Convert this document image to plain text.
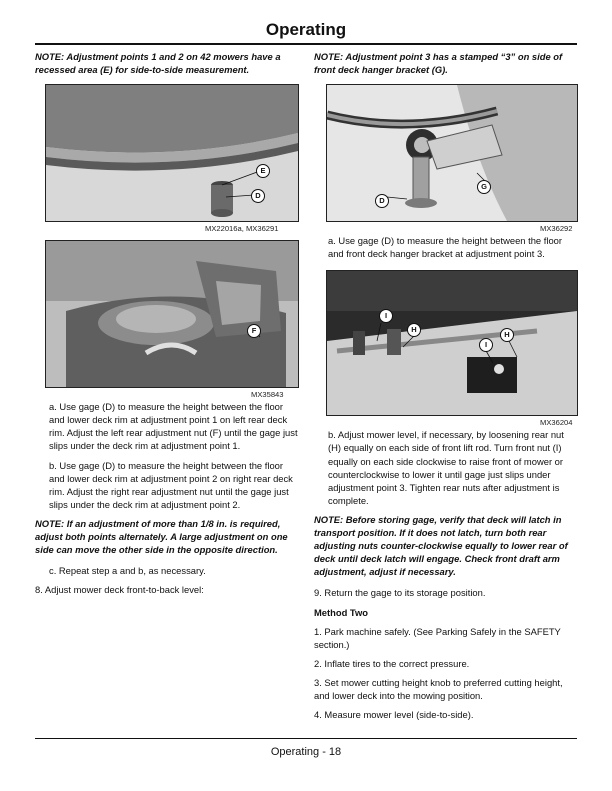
Operating

NOTE: Adjustment points 1 and 2 on 42 mowers have a recessed area (E) for side-to-side measurement.

E
D
MX22016a, MX36291
F
MX35843

a. Use gage (D) to measure the height between the floor and lower deck rim at adjustment point 1 on left rear deck rim. Adjust the left rear adjustment nut (F) until the gage just slips under the deck rim at adjustment point 1.

b. Use gage (D) to measure the height between the floor and lower deck rim at adjustment point 2 on right rear deck rim. Adjust the right rear adjustment nut until the gage just slips under the deck rim at adjustment point 2.

NOTE: If an adjustment of more than 1/8 in. is required, adjust both points alternately. A large adjustment on one side can move the other side in the opposite direction.

c. Repeat step a and b, as necessary.

8. Adjust mower deck front-to-back level:

NOTE: Adjustment point 3 has a stamped “3” on side of front deck hanger bracket (G).

G
D
MX36292

a. Use gage (D) to measure the height between the floor and front deck hanger bracket at adjustment point 3.

I
H
I
H
MX36204

b. Adjust mower level, if necessary, by loosening rear nut (H) equally on each side of front lift rod. Turn front nut (I) equally on each side clockwise to raise front of mower or counterclockwise to lower it until gage just slips under adjustment point 3. Tighten rear nuts after adjustment is complete.

NOTE: Before storing gage, verify that deck will latch in transport position. If it does not latch, turn both rear adjusting nuts counter-clockwise equally to lower rear of deck until deck latch will engage. Check front draft arm adjustment, adjust if necessary.

9. Return the gage to its storage position.

Method Two

1. Park machine safely. (See Parking Safely in the SAFETY section.)

2. Inflate tires to the correct pressure.

3. Set mower cutting height knob to preferred cutting height, and lower deck into the mowing position.

4. Measure mower level (side-to-side).

Operating - 18
